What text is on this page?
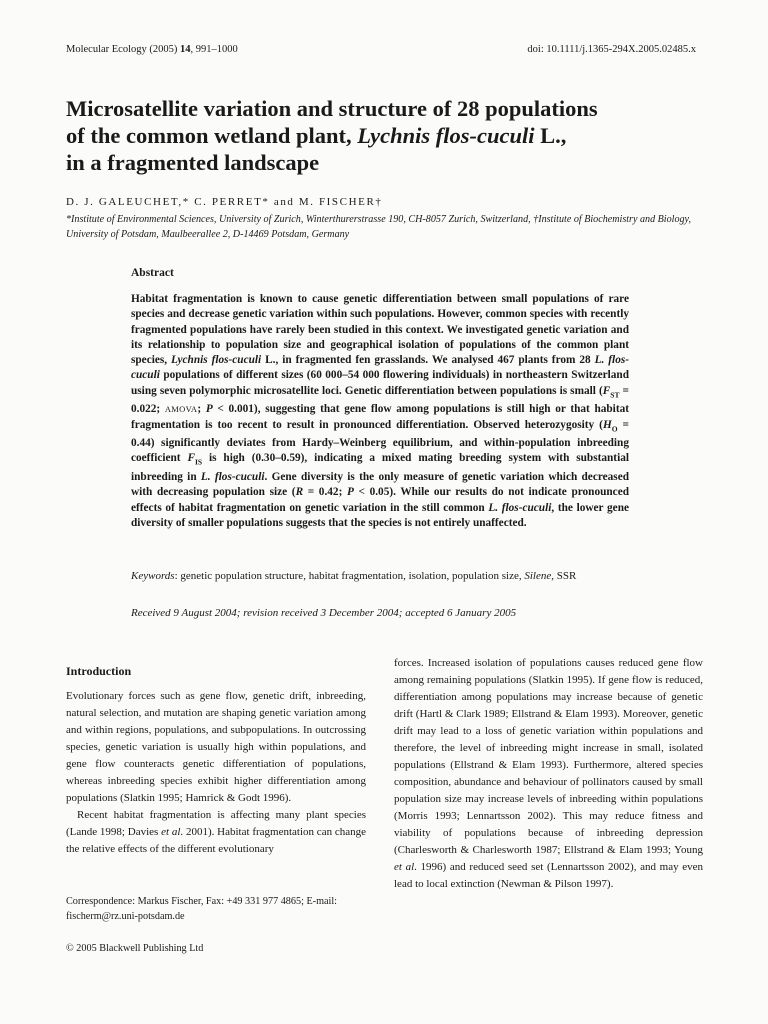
Molecular Ecology (2005) 14, 991–1000	doi: 10.1111/j.1365-294X.2005.02485.x
Microsatellite variation and structure of 28 populations
of the common wetland plant, Lychnis flos-cuculi L.,
in a fragmented landscape
D. J. GALEUCHET,* C. PERRET* and M. FISCHER†
*Institute of Environmental Sciences, University of Zurich, Winterthurerstrasse 190, CH-8057 Zurich, Switzerland, †Institute of Biochemistry and Biology, University of Potsdam, Maulbeerallee 2, D-14469 Potsdam, Germany
Abstract
Habitat fragmentation is known to cause genetic differentiation between small populations of rare species and decrease genetic variation within such populations. However, common species with recently fragmented populations have rarely been studied in this context. We investigated genetic variation and its relationship to population size and geographical isolation of populations of the common plant species, Lychnis flos-cuculi L., in fragmented fen grasslands. We analysed 467 plants from 28 L. flos-cuculi populations of different sizes (60 000–54 000 flowering individuals) in northeastern Switzerland using seven polymorphic microsatellite loci. Genetic differentiation between populations is small ($F_{ST} = 0.022$; AMOVA; P < 0.001), suggesting that gene flow among populations is still high or that habitat fragmentation is too recent to result in pronounced differentiation. Observed heterozygosity $(H_O = 0.44)$ significantly deviates from Hardy–Weinberg equilibrium, and within-population inbreeding coefficient $F_{IS}$ is high (0.30–0.59), indicating a mixed mating breeding system with substantial inbreeding in L. flos-cuculi. Gene diversity is the only measure of genetic variation which decreased with decreasing population size (R = 0.42; P < 0.05). While our results do not indicate pronounced effects of habitat fragmentation on genetic variation in the still common L. flos-cuculi, the lower gene diversity of smaller populations suggests that the species is not entirely unaffected.
Keywords: genetic population structure, habitat fragmentation, isolation, population size, Silene, SSR
Received 9 August 2004; revision received 3 December 2004; accepted 6 January 2005
Introduction
Evolutionary forces such as gene flow, genetic drift, inbreeding, natural selection, and mutation are shaping genetic variation among and within regions, populations, and subpopulations. In outcrossing species, genetic variation is usually high within populations, and gene flow counteracts genetic differentiation of populations, whereas inbreeding species exhibit higher differentiation among populations (Slatkin 1995; Hamrick & Godt 1996).
Recent habitat fragmentation is affecting many plant species (Lande 1998; Davies et al. 2001). Habitat fragmentation can change the relative effects of the different evolutionary
forces. Increased isolation of populations causes reduced gene flow among remaining populations (Slatkin 1995). If gene flow is reduced, differentiation among populations may increase because of genetic drift (Hartl & Clark 1989; Ellstrand & Elam 1993). Moreover, genetic drift may lead to a loss of genetic variation within populations and therefore, the level of inbreeding might increase in small, isolated populations (Ellstrand & Elam 1993). Furthermore, altered species composition, abundance and behaviour of pollinators caused by small population size may increase levels of inbreeding within populations (Morris 1993; Lennartsson 2002). This may reduce fitness and viability of populations because of inbreeding depression (Charlesworth & Charlesworth 1987; Ellstrand & Elam 1993; Young et al. 1996) and reduced seed set (Lennartsson 2002), and may even lead to local extinction (Newman & Pilson 1997).
Correspondence: Markus Fischer, Fax: +49 331 977 4865; E-mail: fischerm@rz.uni-potsdam.de
© 2005 Blackwell Publishing Ltd
